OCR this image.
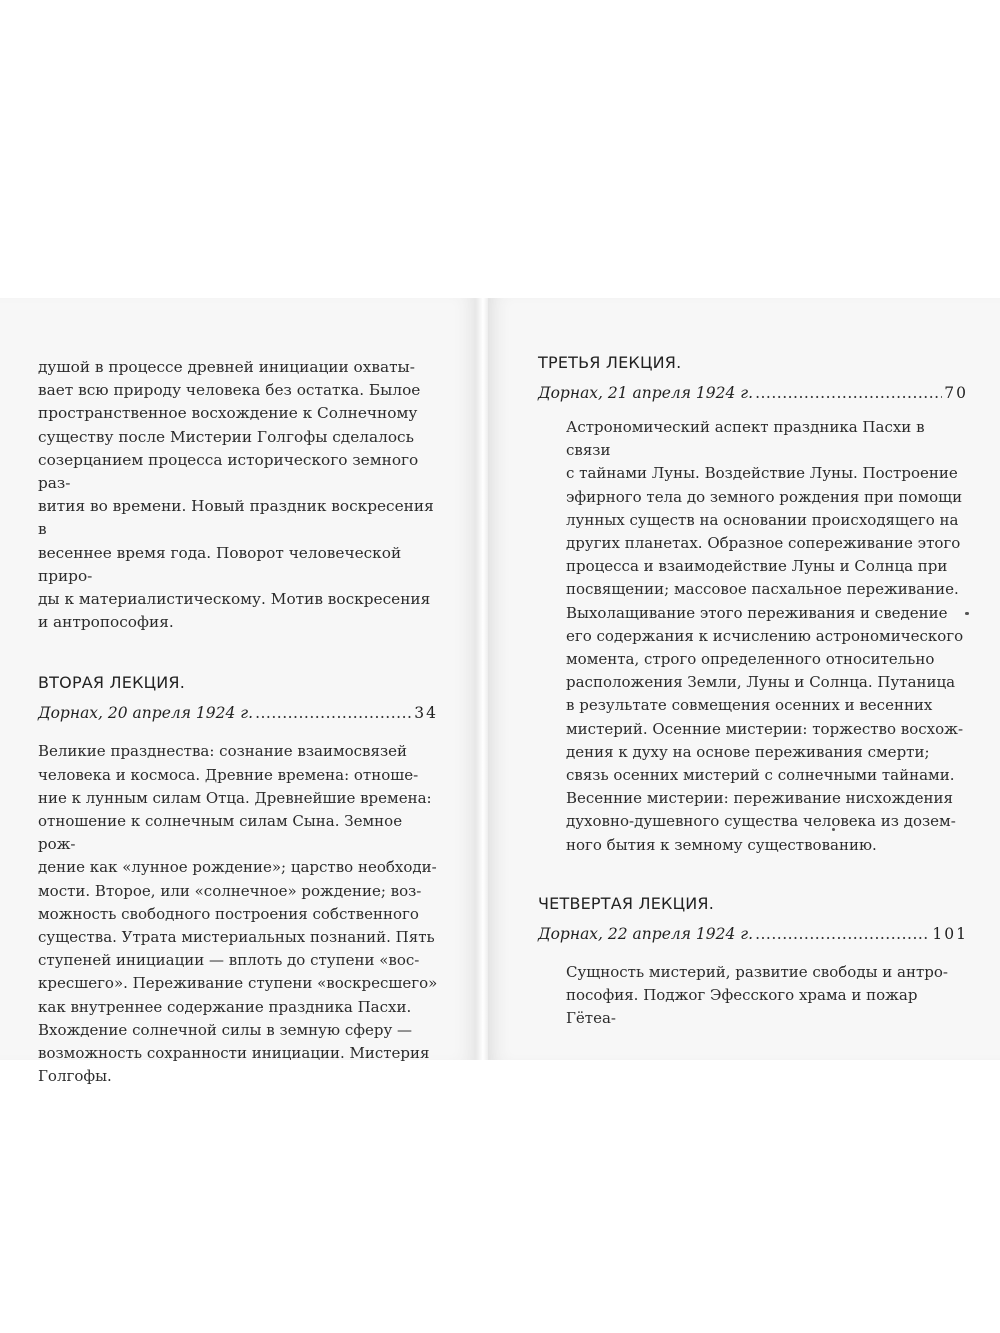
душой в процессе древней инициации охваты-
вает всю природу человека без остатка. Былое
пространственное восхождение к Солнечному
существу после Мистерии Голгофы сделалось
созерцанием процесса исторического земного раз-
вития во времени. Новый праздник воскресения в
весеннее время года. Поворот человеческой приро-
ды к материалистическому. Мотив воскресения
и антропософия.

ВТОРАЯ ЛЕКЦИЯ.

Дорнах, 20 апреля 1924 г. .....	34

Великие празднества: сознание взаимосвязей
человека и космоса. Древние времена: отноше-
ние к лунным силам Отца. Древнейшие времена:
отношение к солнечным силам Сына. Земное рож-
дение как «лунное рождение»; царство необходи-
мости. Второе, или «солнечное» рождение; воз-
можность свободного построения собственного
существа. Утрата мистериальных познаний. Пять
ступеней инициации — вплоть до ступени «вос-
кресшего». Переживание ступени «воскресшего»
как внутреннее содержание праздника Пасхи.
Вхождение солнечной силы в земную сферу —
возможность сохранности инициации. Мистерия
Голгофы.

ТРЕТЬЯ ЛЕКЦИЯ.

Дорнах, 21 апреля 1924 г. .....	70

Астрономический аспект праздника Пасхи в связи
с тайнами Луны. Воздействие Луны. Построение
эфирного тела до земного рождения при помощи
лунных существ на основании происходящего на
других планетах. Образное сопереживание этого
процесса и взаимодействие Луны и Солнца при
посвящении; массовое пасхальное переживание.
Выхолащивание этого переживания и сведение
его содержания к исчислению астрономического
момента, строго определенного относительно
расположения Земли, Луны и Солнца. Путаница
в результате совмещения осенних и весенних
мистерий. Осенние мистерии: торжество восхож-
дения к духу на основе переживания смерти;
связь осенних мистерий с солнечными тайнами.
Весенние мистерии: переживание нисхождения
духовно-душевного существа человека из дозем-
ного бытия к земному существованию.

ЧЕТВЕРТАЯ ЛЕКЦИЯ.

Дорнах, 22 апреля 1924 г. .....	101

Сущность мистерий, развитие свободы и антро-
пософия. Поджог Эфесского храма и пожар Гётеа-
